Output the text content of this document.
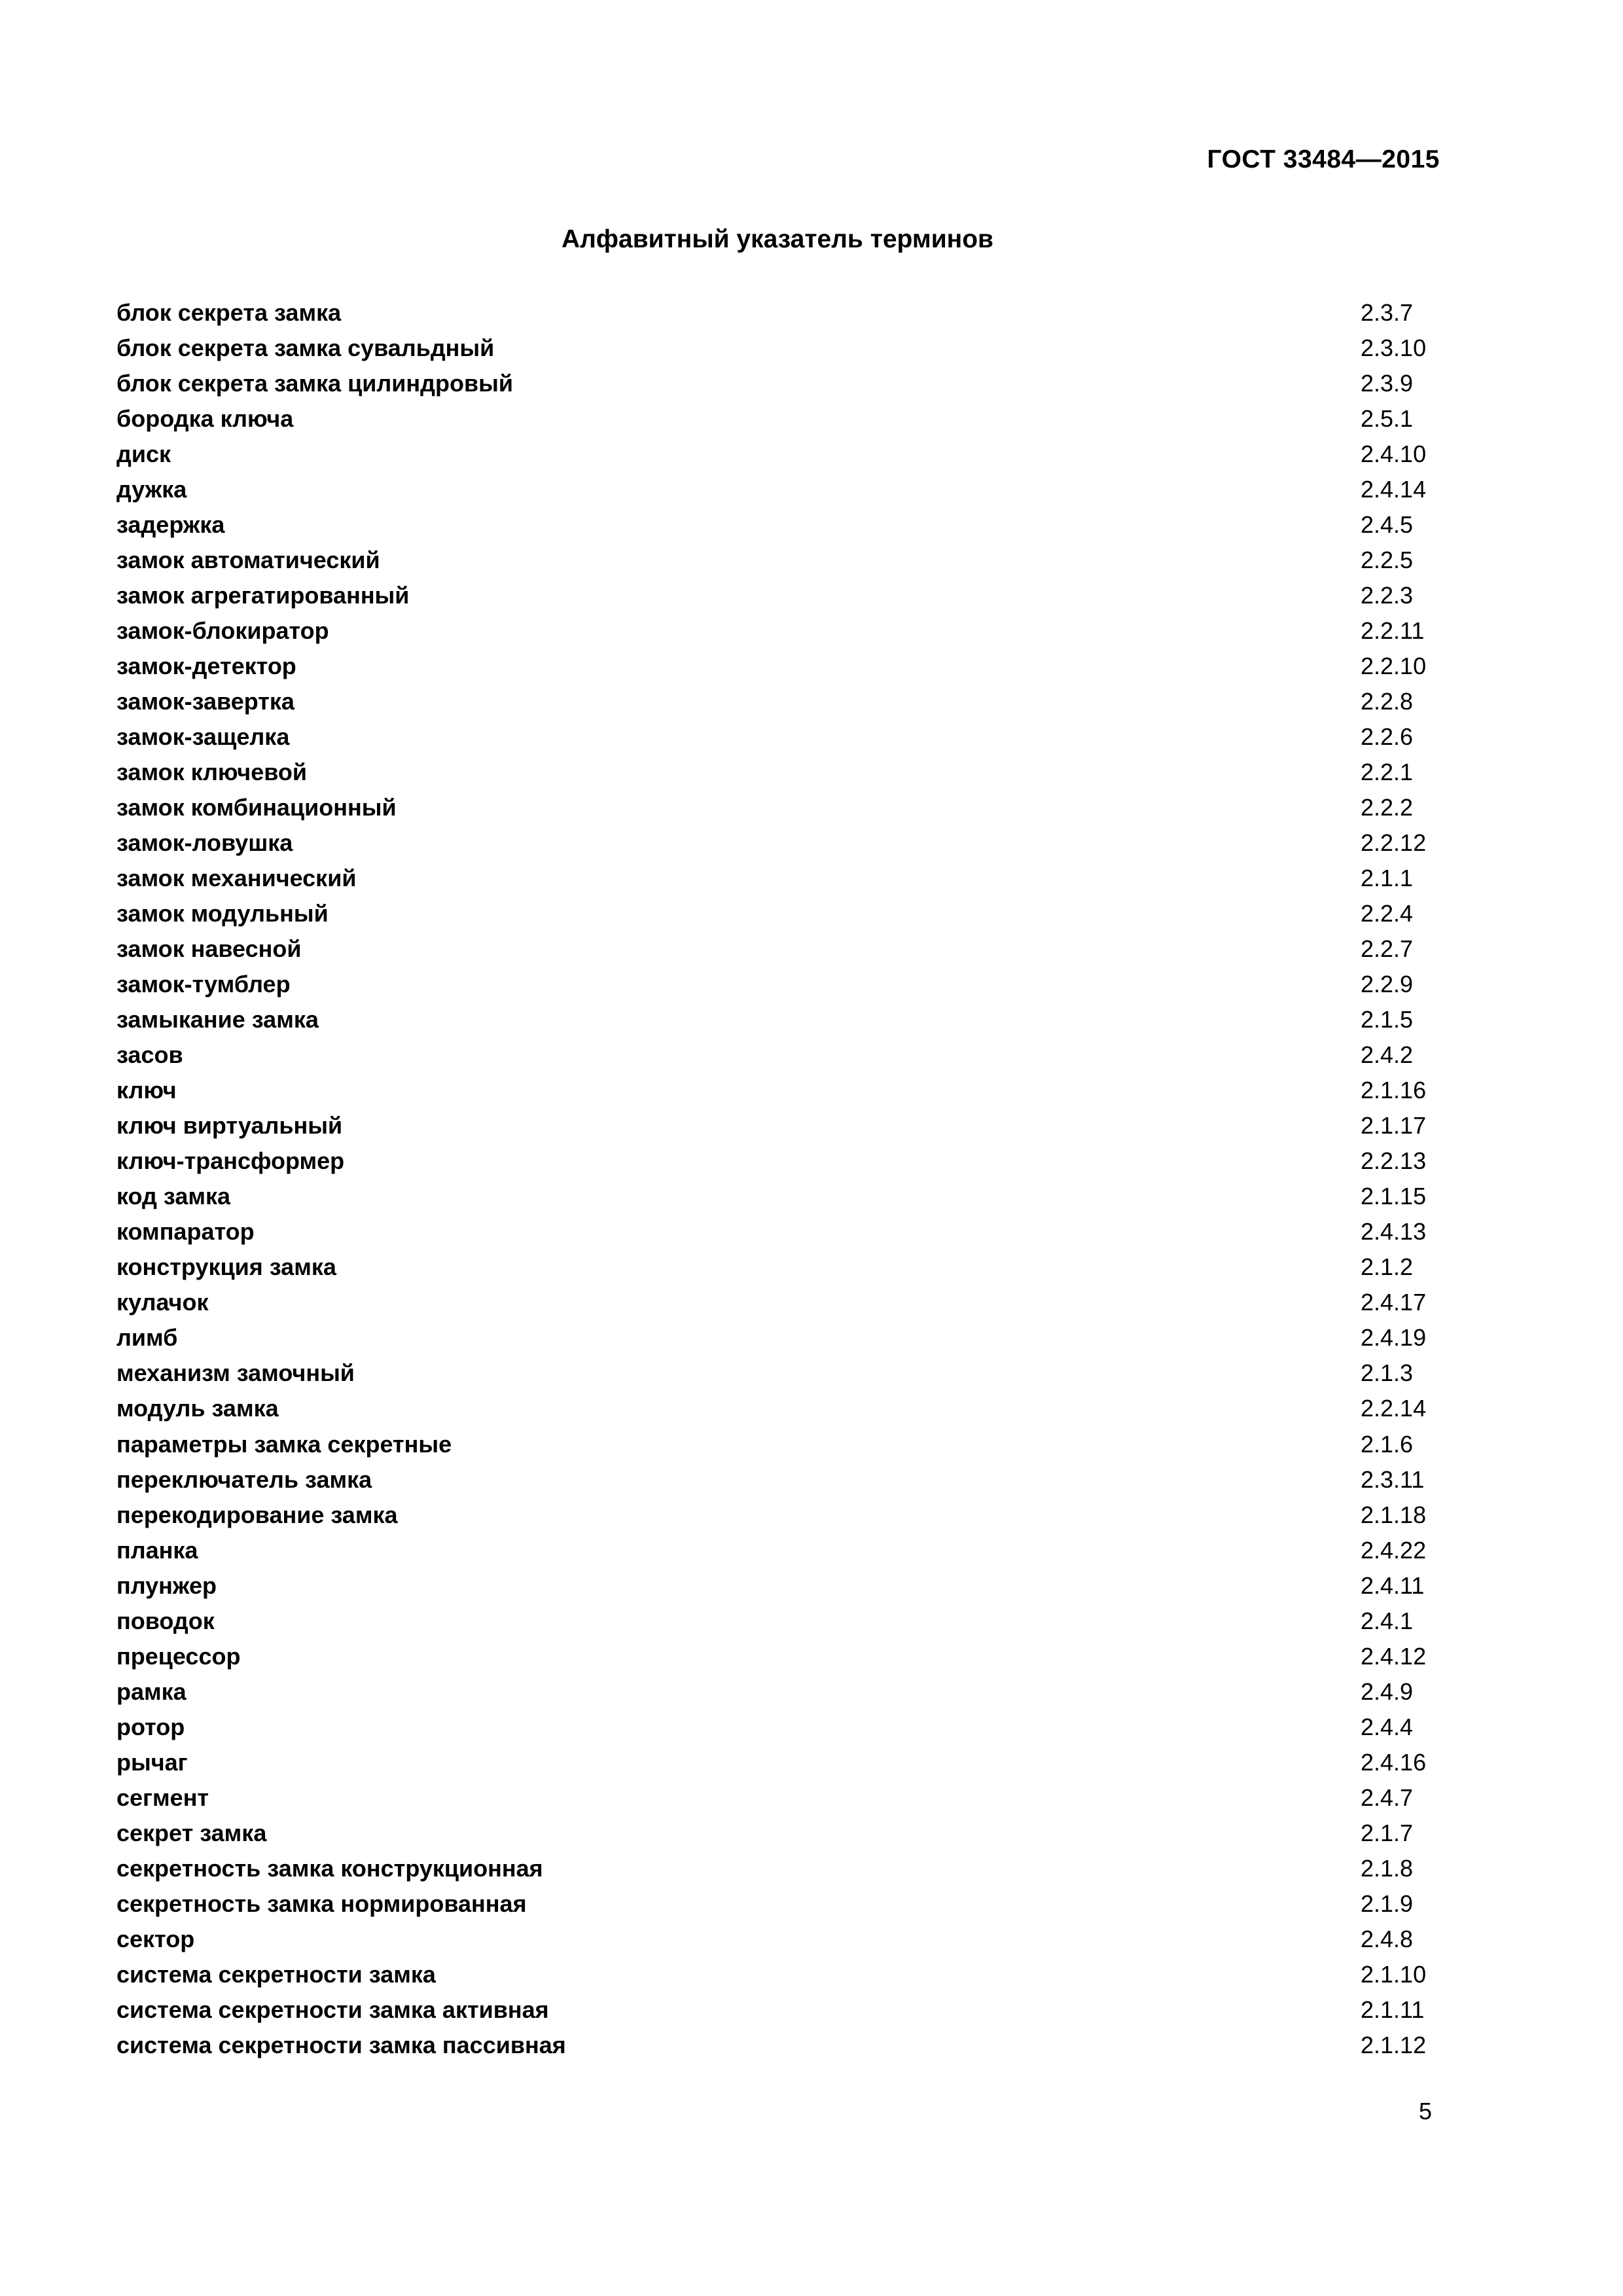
ГОСТ 33484—2015
Алфавитный указатель терминов
блок секрета замка	2.3.7
блок секрета замка сувальдный	2.3.10
блок секрета замка цилиндровый	2.3.9
бородка ключа	2.5.1
диск	2.4.10
дужка	2.4.14
задержка	2.4.5
замок автоматический	2.2.5
замок агрегатированный	2.2.3
замок-блокиратор	2.2.11
замок-детектор	2.2.10
замок-завертка	2.2.8
замок-защелка	2.2.6
замок ключевой	2.2.1
замок комбинационный	2.2.2
замок-ловушка	2.2.12
замок механический	2.1.1
замок модульный	2.2.4
замок навесной	2.2.7
замок-тумблер	2.2.9
замыкание замка	2.1.5
засов	2.4.2
ключ	2.1.16
ключ виртуальный	2.1.17
ключ-трансформер	2.2.13
код замка	2.1.15
компаратор	2.4.13
конструкция замка	2.1.2
кулачок	2.4.17
лимб	2.4.19
механизм замочный	2.1.3
модуль замка	2.2.14
параметры замка секретные	2.1.6
переключатель замка	2.3.11
перекодирование замка	2.1.18
планка	2.4.22
плунжер	2.4.11
поводок	2.4.1
прецессор	2.4.12
рамка	2.4.9
ротор	2.4.4
рычаг	2.4.16
сегмент	2.4.7
секрет замка	2.1.7
секретность замка конструкционная	2.1.8
секретность замка нормированная	2.1.9
сектор	2.4.8
система секретности замка	2.1.10
система секретности замка активная	2.1.11
система секретности замка пассивная	2.1.12
5
